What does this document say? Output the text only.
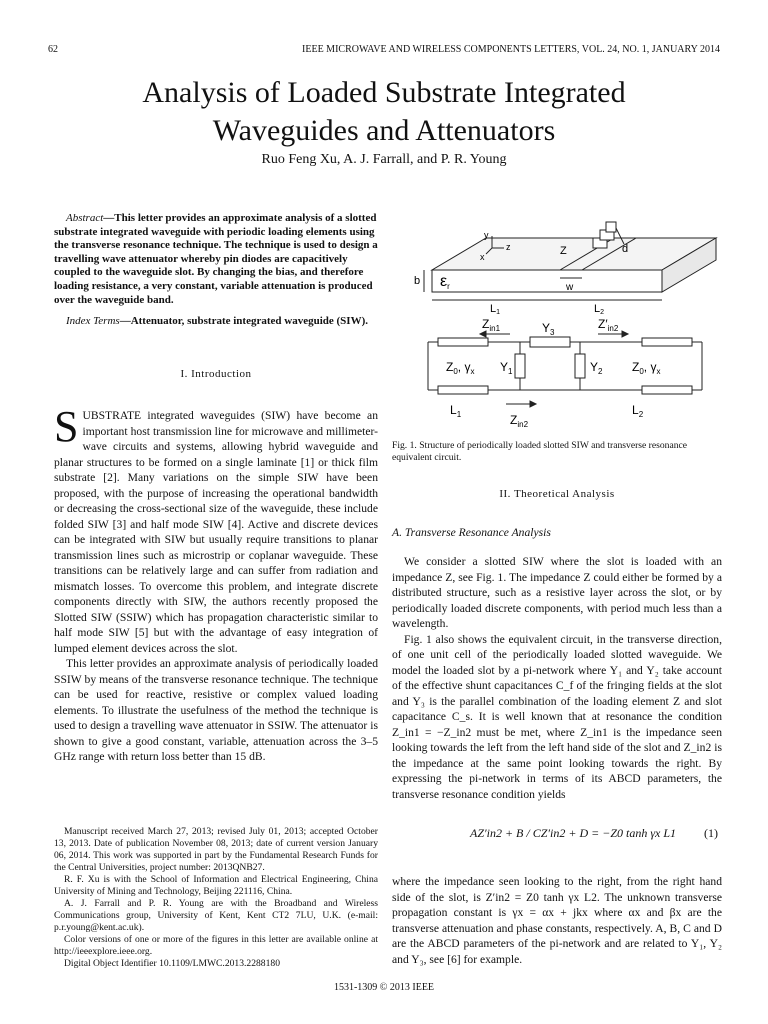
62	IEEE MICROWAVE AND WIRELESS COMPONENTS LETTERS, VOL. 24, NO. 1, JANUARY 2014
Analysis of Loaded Substrate Integrated
Waveguides and Attenuators
Ruo Feng Xu, A. J. Farrall, and P. R. Young

Abstract—This letter provides an approximate analysis of a slotted substrate integrated waveguide with periodic loading elements using the transverse resonance technique. The technique is used to design a travelling wave attenuator whereby pin diodes are capacitively coupled to the waveguide slot. By changing the bias, and therefore loading resistance, a very constant, variable attenuation is produced over the waveguide band.

Index Terms—Attenuator, substrate integrated waveguide (SIW).

I. Introduction

SUBSTRATE integrated waveguides (SIW) have become an important host transmission line for microwave and millimeter-wave circuits and systems, allowing hybrid waveguide and planar structures to be formed on a single laminate [1] or thick film substrate [2]. Many variations on the simple SIW have been proposed, with the purpose of increasing the operational bandwidth or decreasing the cross-sectional size of the waveguide, these include folded SIW [3] and half mode SIW [4]. Active and discrete devices can be integrated with SIW but usually require transitions to planar transmission lines such as microstrip or coplanar waveguide. These transitions can be relatively large and can suffer from radiation and mismatch losses. To overcome this problem, and integrate discrete components directly with SIW, the authors recently proposed the Slotted SIW (SSIW) which has propagation characteristic similar to half mode SIW [5] but with the advantage of easy integration of lumped element devices across the slot.

This letter provides an approximate analysis of periodically loaded SSIW by means of the transverse resonance technique. The technique can be used for reactive, resistive or complex valued loading elements. To illustrate the usefulness of the method the technique is used to design a travelling wave attenuator in SSIW. The attenuator is shown to give a good constant, variable, attenuation across the 3–5 GHz range with return loss better than 15 dB.

Manuscript received March 27, 2013; revised July 01, 2013; accepted October 13, 2013. Date of publication November 08, 2013; date of current version January 06, 2014. This work was supported in part by the Fundamental Research Funds for the Central Universities, project number: 2013QNB27.

R. F. Xu is with the School of Information and Electrical Engineering, China University of Mining and Technology, Beijing 221116, China.

A. J. Farrall and P. R. Young are with the Broadband and Wireless Communications group, University of Kent, Kent CT2 7LU, U.K. (e-mail: p.r.young@kent.ac.uk).

Color versions of one or more of the figures in this letter are available online at http://ieeexplore.ieee.org.

Digital Object Identifier 10.1109/LMWC.2013.2288180

y
z
x	Z	d
w
b εr
L1	L2
$Z_{in1}$	$Z'_{in2}$
$Y_3$
$Y_1$	$Y_2$
$Z_0$, $\gamma_x$	$Z_0$, $\gamma_x$
$L_1$	$L_2$
$Z_{in2}$
Fig. 1. Structure of periodically loaded slotted SIW and transverse resonance equivalent circuit.
II. Theoretical Analysis
A. Transverse Resonance Analysis

We consider a slotted SIW where the slot is loaded with an impedance Z, see Fig. 1. The impedance Z could either be formed by a distributed structure, such as a resistive layer across the slot, or by periodically loaded discrete components, with period much less than a wavelength.

Fig. 1 also shows the equivalent circuit, in the transverse direction, of one unit cell of the periodically loaded slotted waveguide. We model the loaded slot by a pi-network where Y₁ and Y₂ take account of the effective shunt capacitances C_f of the fringing fields at the slot and Y₃ is the parallel combination of the loading element Z and slot capacitance C_s. It is well known that at resonance the condition Z_in1 = −Z_in2 must be met, where Z_in1 is the impedance seen looking towards the left from the left hand side of the slot and Z_in2 is the impedance at the same point looking towards the right. By expressing the pi-network in terms of its ABCD parameters, the transverse resonance condition yields

AZ′in2 + B / CZ′in2 + D = −Z0 tanh γx L1 (1)

where the impedance seen looking to the right, from the right hand side of the slot, is Z′in2 = Z0 tanh γx L2. The unknown transverse propagation constant is γx = αx + jkx where αx and βx are the transverse attenuation and phase constants, respectively. A, B, C and D are the ABCD parameters of the pi-network and are related to Y₁, Y₂ and Y₃, see [6] for example.

1531-1309 © 2013 IEEE
